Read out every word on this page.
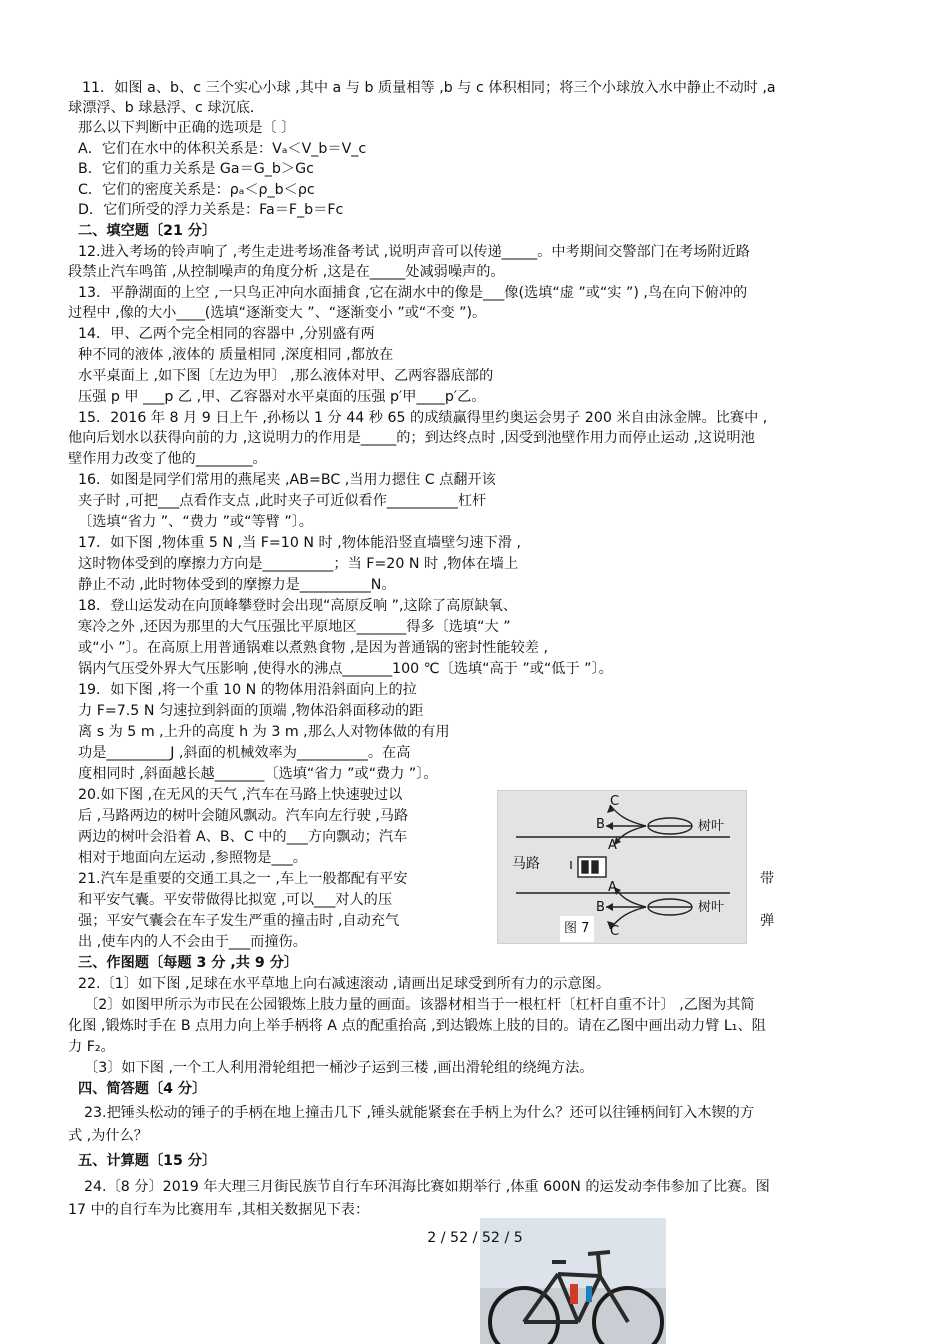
11．如图 a、b、c 三个实心小球 ,其中 a 与 b 质量相等 ,b 与 c 体积相同；将三个小球放入水中静止不动时 ,a
球漂浮、b 球悬浮、c 球沉底．
那么以下判断中正确的选项是〔 〕
A．它们在水中的体积关系是：Vₐ＜V_b＝V_c
B．它们的重力关系是 Ga＝G_b＞Gc
C．它们的密度关系是：ρₐ＜ρ_b＜ρc
D．它们所受的浮力关系是：Fa＝F_b＝Fc
二、填空题〔21 分〕
12.进入考场的铃声响了 ,考生走进考场准备考试 ,说明声音可以传递_____。中考期间交警部门在考场附近路
段禁止汽车鸣笛 ,从控制噪声的角度分析 ,这是在_____处减弱噪声的。
13．平静湖面的上空 ,一只鸟正冲向水面捕食 ,它在湖水中的像是___像(选填“虚 ”或“实 ”) ,鸟在向下俯冲的
过程中 ,像的大小____(选填“逐渐变大 ”、“逐渐变小 ”或“不变 ”)。
14．甲、乙两个完全相同的容器中 ,分别盛有两
种不同的液体 ,液体的 质量相同 ,深度相同 ,都放在
水平桌面上 ,如下图〔左边为甲〕 ,那么液体对甲、乙两容器底部的
压强 p 甲 ___p 乙 ,甲、乙容器对水平桌面的压强 p′甲____p′乙。
15．2016 年 8 月 9 日上午 ,孙杨以 1 分 44 秒 65 的成绩赢得里约奥运会男子 200 米自由泳金牌。比赛中 ,
他向后划水以获得向前的力 ,这说明力的作用是_____的；到达终点时 ,因受到池壁作用力而停止运动 ,这说明池
壁作用力改变了他的________。
16．如图是同学们常用的燕尾夹 ,AB=BC ,当用力摁住 C 点翻开该
夹子时 ,可把___点看作支点 ,此时夹子可近似看作__________杠杆
〔选填“省力 ”、“费力 ”或“等臂 ”〕。
17．如下图 ,物体重 5 N ,当 F=10 N 时 ,物体能沿竖直墙壁匀速下滑 ,
这时物体受到的摩擦力方向是__________；当 F=20 N 时 ,物体在墙上
静止不动 ,此时物体受到的摩擦力是__________N。
18．登山运发动在向顶峰攀登时会出现“高原反响 ”,这除了高原缺氧、
寒冷之外 ,还因为那里的大气压强比平原地区_______得多〔选填“大 ”
或“小 ”〕。在高原上用普通锅难以煮熟食物 ,是因为普通锅的密封性能较差 ,
锅内气压受外界大气压影响 ,使得水的沸点_______100 ℃〔选填“高于 ”或“低于 ”〕。
19．如下图 ,将一个重 10 N 的物体用沿斜面向上的拉
力 F=7.5 N 匀速拉到斜面的顶端 ,物体沿斜面移动的距
离 s 为 5 m ,上升的高度 h 为 3 m ,那么人对物体做的有用
功是_________J ,斜面的机械效率为__________。在高
度相同时 ,斜面越长越_______〔选填“省力 ”或“费力 ”〕。
20.如下图 ,在无风的天气 ,汽车在马路上快速驶过以
后 ,马路两边的树叶会随风飘动。汽车向左行驶 ,马路
两边的树叶会沿着 A、B、C 中的___方向飘动；汽车
相对于地面向左运动 ,参照物是___。
21.汽车是重要的交通工具之一 ,车上一般都配有平安	带
和平安气囊。平安带做得比拟宽 ,可以___对人的压
强；平安气囊会在车子发生严重的撞击时 ,自动充气	弹
出 ,使车内的人不会由于___而撞伤。
三、作图题〔每题 3 分 ,共 9 分〕
22.〔1〕如下图 ,足球在水平草地上向右减速滚动 ,请画出足球受到所有力的示意图。
〔2〕如图甲所示为市民在公园锻炼上肢力量的画面。该器材相当于一根杠杆〔杠杆自重不计〕 ,乙图为其简
化图 ,锻炼时手在 B 点用力向上举手柄将 A 点的配重抬高 ,到达锻炼上肢的目的。请在乙图中画出动力臂 L₁、阻
力 F₂。
〔3〕如下图 ,一个工人利用滑轮组把一桶沙子运到三楼 ,画出滑轮组的绕绳方法。
四、简答题〔4 分〕
23.把锤头松动的锤子的手柄在地上撞击几下 ,锤头就能紧套在手柄上为什么？还可以往锤柄间钉入木锲的方
式 ,为什么？
五、计算题〔15 分〕
24.〔8 分〕2019 年大理三月街民族节自行车环洱海比赛如期举行 ,体重 600N 的运发动李伟参加了比赛。图
17 中的自行车为比赛用车 ,其相关数据见下表：
C
B
A
树叶
马路
A
B	树叶
C
图 7
2 / 52 / 52 / 5
